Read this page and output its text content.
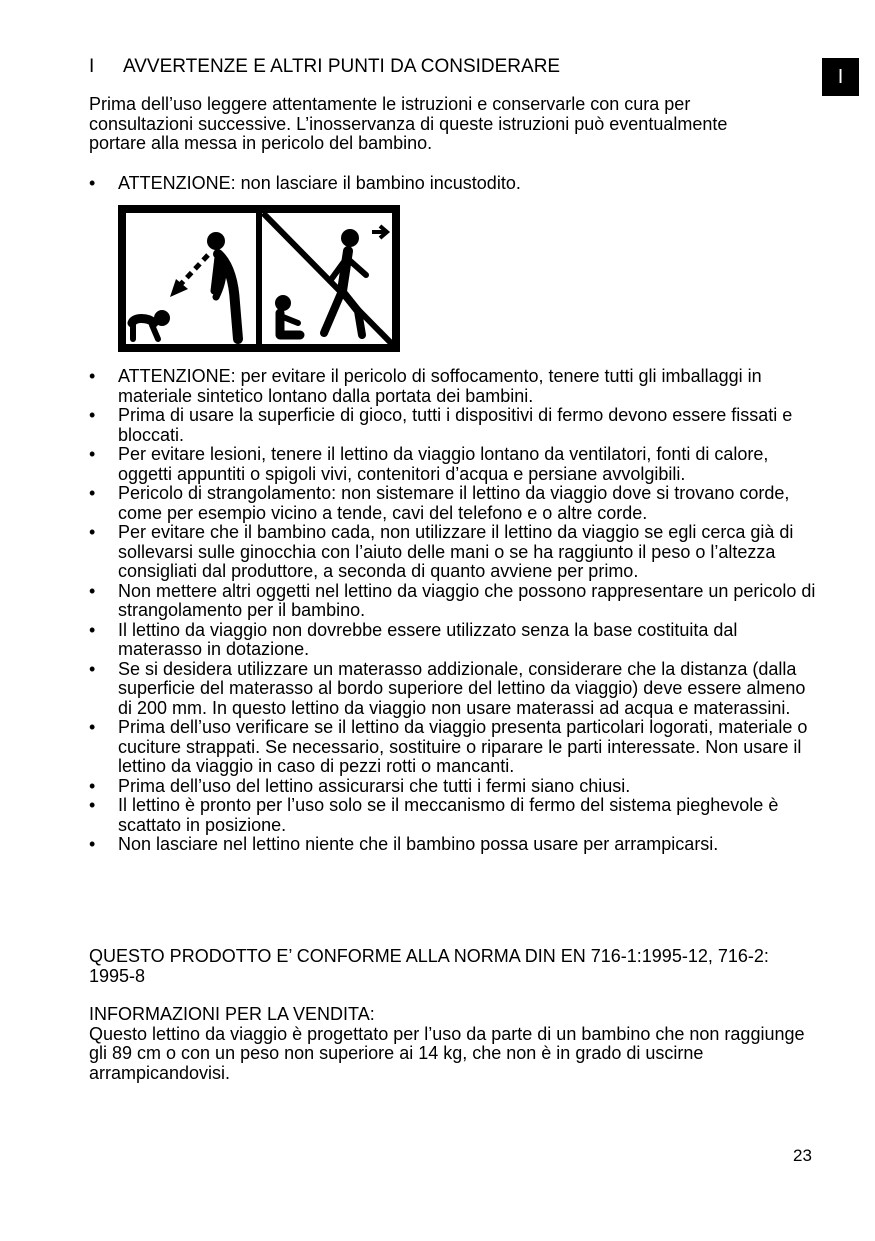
I
I AVVERTENZE E ALTRI PUNTI DA CONSIDERARE

Prima dell’uso leggere attentamente le istruzioni e conservarle con cura per consultazioni successive. L’inosservanza di queste istruzioni può eventualmente portare alla messa in pericolo del bambino.

• ATTENZIONE: non lasciare il bambino incustodito.
• ATTENZIONE: per evitare il pericolo di soffocamento, tenere tutti gli imballaggi in materiale sintetico lontano dalla portata dei bambini.
• Prima di usare la superficie di gioco, tutti i dispositivi di fermo devono essere fissati e bloccati.
• Per evitare lesioni, tenere il lettino da viaggio lontano da ventilatori, fonti di calore, oggetti appuntiti o spigoli vivi, contenitori d’acqua e persiane avvolgibili.
• Pericolo di strangolamento: non sistemare il lettino da viaggio dove si trovano corde, come per esempio vicino a tende, cavi del telefono e o altre corde.
• Per evitare che il bambino cada, non utilizzare il lettino da viaggio se egli cerca già di sollevarsi sulle ginocchia con l’aiuto delle mani o se ha raggiunto il peso o l’altezza consigliati dal produttore, a seconda di quanto avviene per primo.
• Non mettere altri oggetti nel lettino da viaggio che possono rappresentare un pericolo di strangolamento per il bambino.
• Il lettino da viaggio non dovrebbe essere utilizzato senza la base costituita dal materasso in dotazione.
• Se si desidera utilizzare un materasso addizionale, considerare che la distanza (dalla superficie del materasso al bordo superiore del lettino da viaggio) deve essere almeno di 200 mm. In questo lettino da viaggio non usare materassi ad acqua e materassini.
• Prima dell’uso verificare se il lettino da viaggio presenta particolari logorati, materiale o cuciture strappati. Se necessario, sostituire o riparare le parti interessate. Non usare il lettino da viaggio in caso di pezzi rotti o mancanti.
• Prima dell’uso del lettino assicurarsi che tutti i fermi siano chiusi.
• Il lettino è pronto per l’uso solo se il meccanismo di fermo del sistema pieghevole è scattato in posizione.
• Non lasciare nel lettino niente che il bambino possa usare per arrampicarsi.

QUESTO PRODOTTO E’ CONFORME ALLA NORMA DIN EN 716-1:1995-12, 716-2: 1995-8

INFORMAZIONI PER LA VENDITA:
Questo lettino da viaggio è progettato per l’uso da parte di un bambino che non raggiunge gli 89 cm o con un peso non superiore ai 14 kg, che non è in grado di uscirne arrampicandovisi.
23
